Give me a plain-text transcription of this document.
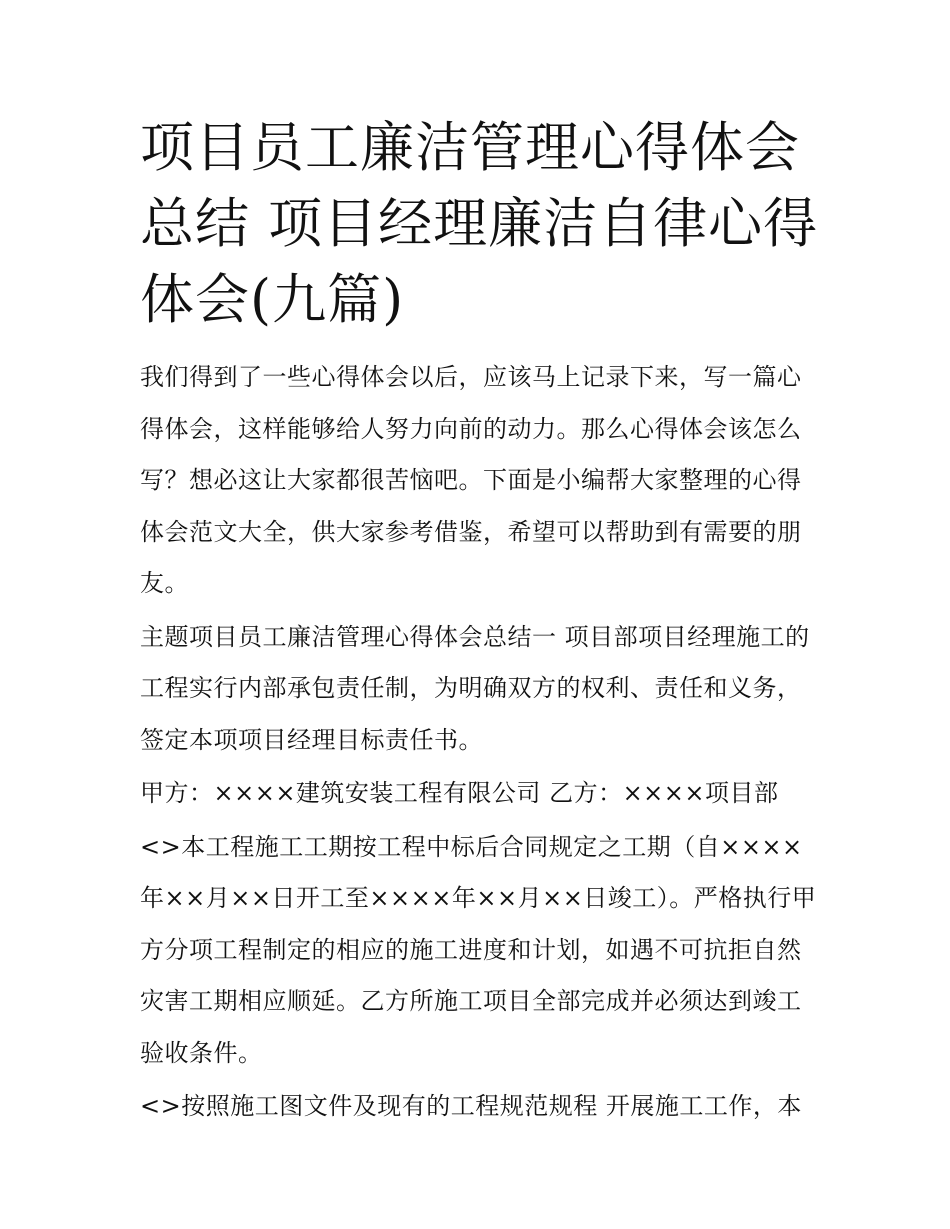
项目员工廉洁管理心得体会总结 项目经理廉洁自律心得体会(九篇)

我们得到了一些心得体会以后，应该马上记录下来，写一篇心得体会，这样能够给人努力向前的动力。那么心得体会该怎么写？想必这让大家都很苦恼吧。下面是小编帮大家整理的心得体会范文大全，供大家参考借鉴，希望可以帮助到有需要的朋友。

主题项目员工廉洁管理心得体会总结一 项目部项目经理施工的工程实行内部承包责任制，为明确双方的权利、责任和义务，签定本项项目经理目标责任书。

甲方：××××建筑安装工程有限公司 乙方：××××项目部

<>本工程施工工期按工程中标后合同规定之工期（自××××年××月××日开工至××××年××月××日竣工）。严格执行甲方分项工程制定的相应的施工进度和计划，如遇不可抗拒自然灾害工期相应顺延。乙方所施工项目全部完成并必须达到竣工验收条件。

<>按照施工图文件及现有的工程规范规程 开展施工工作，本
